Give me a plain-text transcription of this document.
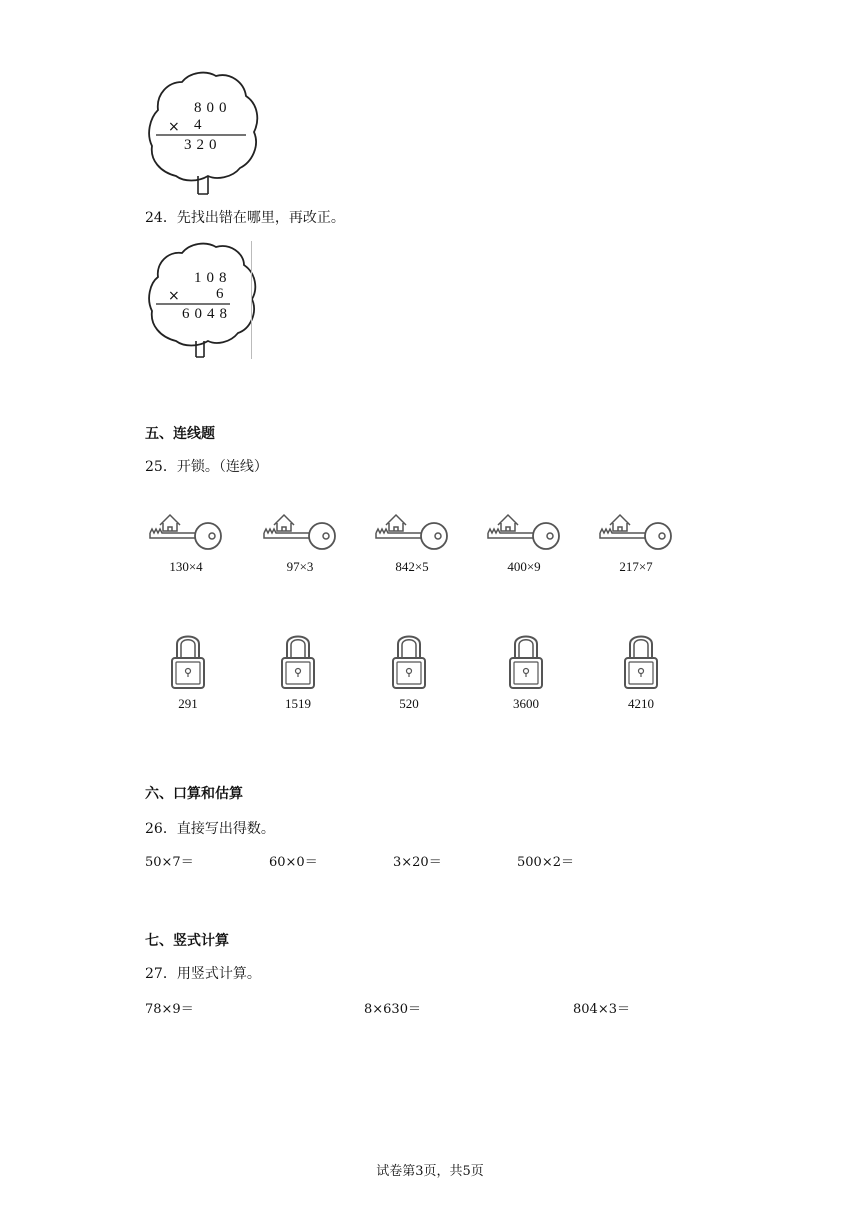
800
× 4
320
24．先找出错在哪里，再改正。
108
× 6
6048
五、连线题
25．开锁。（连线）
130×4	97×3	842×5	400×9	217×7
291	1519	520	3600	4210
六、口算和估算
26．直接写出得数。
50×7＝	60×0＝	3×20＝	500×2＝
七、竖式计算
27．用竖式计算。
78×9＝	8×630＝	804×3＝
试卷第3页，共5页
